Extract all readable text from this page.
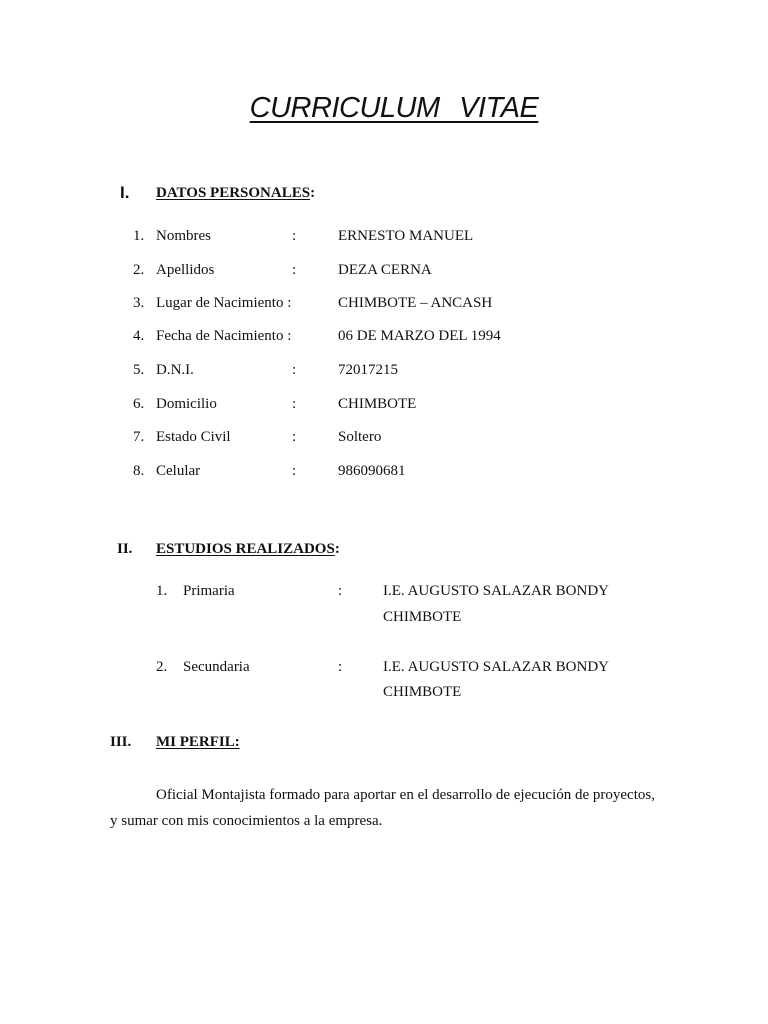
CURRICULUM VITAE
I. DATOS PERSONALES:
1. Nombres	:	ERNESTO MANUEL
2. Apellidos	:	DEZA CERNA
3. Lugar de Nacimiento :	CHIMBOTE – ANCASH
4. Fecha de Nacimiento :	06 DE MARZO DEL 1994
5. D.N.I.	:	72017215
6. Domicilio	:	CHIMBOTE
7. Estado Civil	:	Soltero
8. Celular	:	986090681
II. ESTUDIOS REALIZADOS:
1. Primaria	:	I.E. AUGUSTO SALAZAR BONDY
CHIMBOTE
2. Secundaria	:	I.E. AUGUSTO SALAZAR BONDY
CHIMBOTE
III. MI PERFIL:
Oficial Montajista formado para aportar en el desarrollo de ejecución de proyectos,
y sumar con mis conocimientos a la empresa.
